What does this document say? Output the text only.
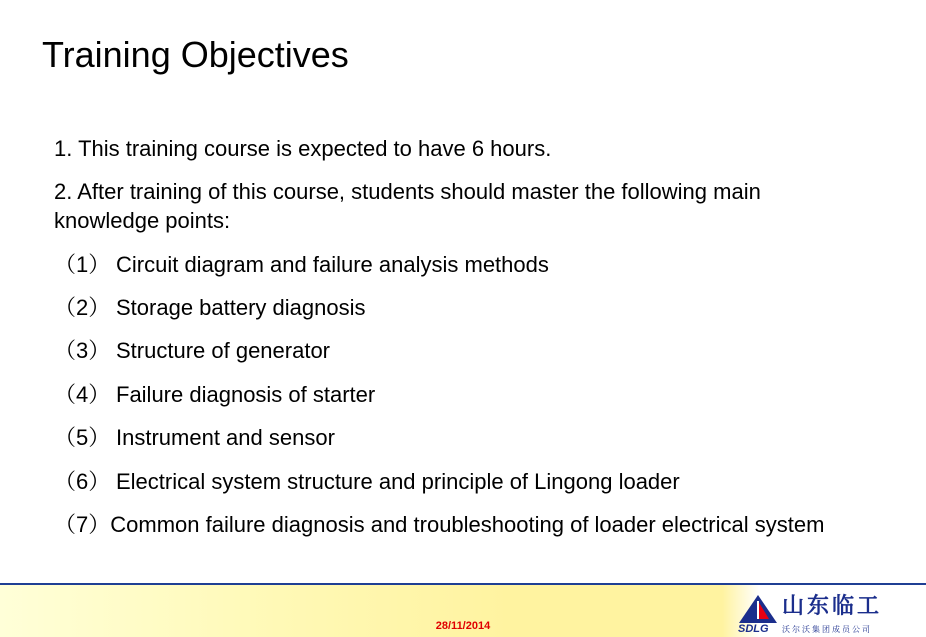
Training Objectives

1. This training course is expected to have 6 hours.

2. After training of this course, students should master the following main knowledge points:

（1） Circuit diagram and failure analysis methods
（2） Storage battery diagnosis
（3） Structure of generator
（4） Failure diagnosis of starter
（5） Instrument and sensor
（6） Electrical system structure and principle of Lingong loader
（7）Common failure diagnosis and troubleshooting of loader electrical system
28/11/2014
山东临工
SDLG 沃尔沃集团成员公司
